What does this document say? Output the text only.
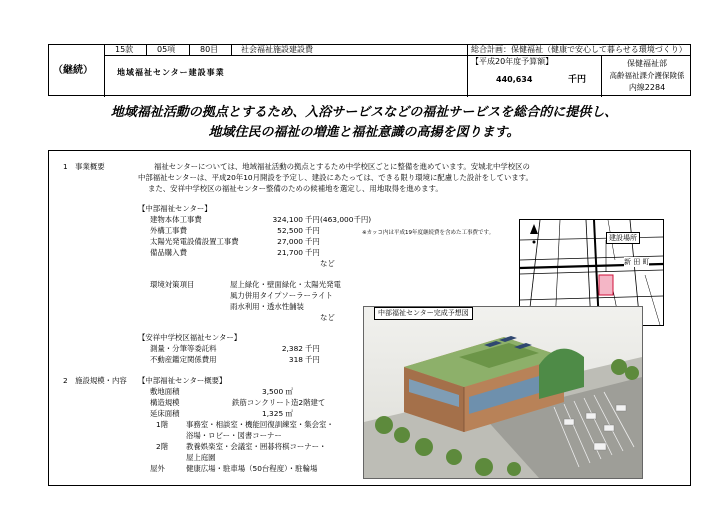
15款	05項	80目	社会福祉施設建設費	総合計画：保健福祉（健康で安心して暮らせる環境づくり）
（継続）	地域福祉センター建設事業
【平成20年度予算額】
440,634	千円
保健福祉部
高齢福祉課介護保険係
内線2284
地域福祉活動の拠点とするため、入浴サービスなどの福祉サービスを総合的に提供し、
地域住民の福祉の増進と福祉意識の高揚を図ります。
1　事業概要	福祉センターについては、地域福祉活動の拠点とするため中学校区ごとに整備を進めています。安城北中学校区の
中部福祉センターは、平成20年10月開設を予定し、建設にあたっては、できる限り環境に配慮した設計をしています。
また、安祥中学校区の福祉センター整備のための候補地を選定し、用地取得を進めます。
【中部福祉センター】
建物本体工事費	324,100 千円 (463,000千円)
外構工事費	52,500 千円	※カッコ内は平成19年度継続費を含めた工事費です。
太陽光発電設備設置工事費	27,000 千円
備品購入費	21,700 千円
など
環境対策項目	屋上緑化・壁面緑化・太陽光発電
風力併用タイプソーラーライト
雨水利用・透水性舗装
など
【安祥中学校区福祉センター】
測量・分筆等委託料	2,382 千円
不動産鑑定関係費用	318 千円
2　施設規模・内容 【中部福祉センター概要】
敷地面積	3,500 ㎡
構造規模	鉄筋コンクリート造2階建て
延床面積	1,325 ㎡
1階 事務室・相談室・機能回復訓練室・集会室・
浴場・ロビー・図書コーナー
2階 教養娯楽室・会議室・囲碁将棋コーナー・
屋上庭園
屋外	健康広場・駐車場（50台程度）・駐輪場
建設場所
新 田 町
中部福祉センター完成予想図
